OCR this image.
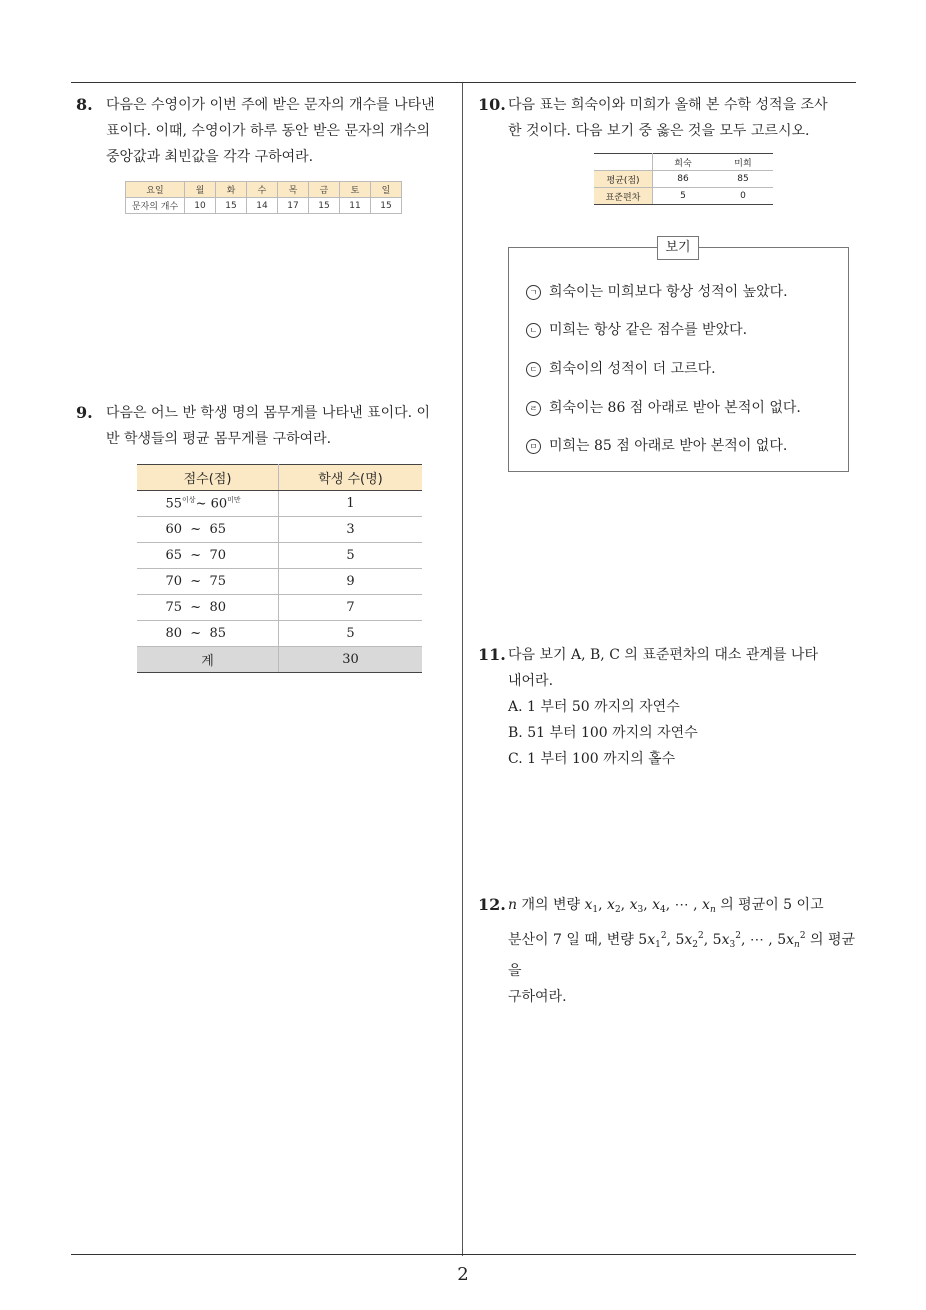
2
8. 다음은 수영이가 이번 주에 받은 문자의 개수를 나타낸

표이다. 이때, 수영이가 하루 동안 받은 문자의 개수의

중앙값과 최빈값을 각각 구하여라.

요일	월	화	수	목	금	토	일
문자의 개수	10	15	14	17	15	11	15
9. 다음은 어느 반 학생 명의 몸무게를 나타낸 표이다. 이

반 학생들의 평균 몸무게를 구하여라.

점수(점)	학생 수(명)
$55^{이상}\sim$ $60^{미만}$	1
60  ~  65	3
65  ~  70	5
70  ~  75	9
75  ~  80	7
80  ~  85	5
계	30
10. 다음 표는 희숙이와 미희가 올해 본 수학 성적을 조사

한 것이다. 다음 보기 중 옳은 것을 모두 고르시오.

	희숙	미희
평균(점)	86	85
표준편차	5	0
보기
ㄱ 희숙이는 미희보다 항상 성적이 높았다.
ㄴ 미희는 항상 같은 점수를 받았다.
ㄷ 희숙이의 성적이 더 고르다.
ㄹ 희숙이는 86 점 아래로 받아 본적이 없다.
ㅁ 미희는 85 점 아래로 받아 본적이 없다.
11. 다음 보기 A, B, C 의 표준편차의 대소 관계를 나타

내어라.

A. 1 부터 50 까지의 자연수

B. 51 부터 100 까지의 자연수

C. 1 부터 100 까지의 홀수

12. n 개의 변량 $x_1$, $x_2$, $x_3$, $x_4$, ⋯ , $x_n$ 의 평균이 5 이고

분산이 7 일 때, 변량 $5x_1^2$, $5x_2^2$, $5x_3^2$, ⋯ , $5x_n^2$ 의 평균을

구하여라.
